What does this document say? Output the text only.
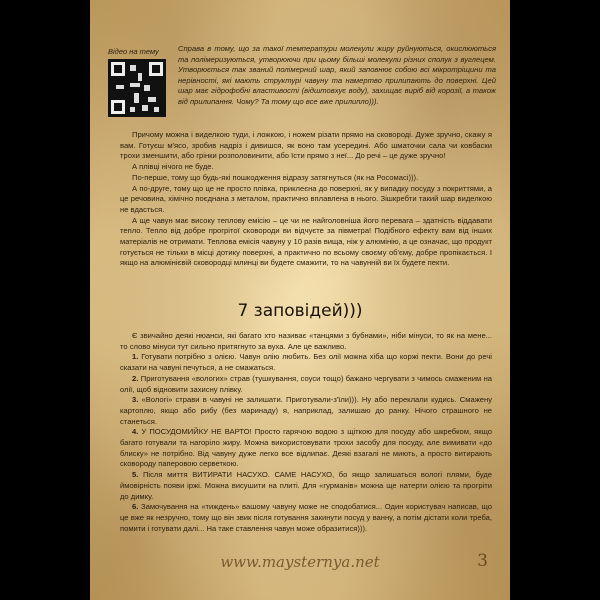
Відео на тему	Справа в тому, що за такої температури молекули жиру руйнуються, окислюються та полімеризуються, утворюючи при цьому більші молекули різних сполук з вуглецем. Утворюється так званий полімерний шар, який заповнює собою всі мікротріщини та нерівності, які мають структурі чавуну та намертво прилипають до поверхні. Цей шар має гідрофобні властивості (відштовхує воду), захищає виріб від корозії, а також від прилипання. Чому? Та тому що все вже прилипло))).

Причому можна і виделкою туди, і ложкою, і ножем різати прямо на сковороді. Дуже зручно, скажу я вам. Готуєш м'ясо, зробив надріз і дивишся, як воно там усередині. Або шматочки сала чи ковбаски трохи зменшити, або грінки розполовинити, або їсти прямо з неї... До речі – це дуже зручно!

А плівці нічого не буде.

По-перше, тому що будь-які пошкодження відразу затягнуться (як на Росомасі))).

А по-друге, тому що це не просто плівка, приклеєна до поверхні, як у випадку посуду з покриттями, а це речовина, хімічно поєднана з металом, практично вплавлена в нього. Зішкребти такий шар виделкою не вдасться.

А ще чавун має високу теплову емісію – це чи не найголовніша його перевага – здатність віддавати тепло. Тепло від добре прогрітої сковороди ви відчуєте за півметра! Подібного ефекту вам від інших матеріалів не отримати. Теплова емісія чавуну у 10 разів вища, ніж у алюмінію, а це означає, що продукт готується не тільки в місці дотику поверхні, а практично по всьому своєму об'єму, добре пропікається. І якщо на алюмінієвій сковородці млинці ви будете смажити, то на чавунній ви їх будете пекти.

7 заповідей)))

Є звичайно деякі нюанси, які багато хто називає «танцями з бубнами», ніби мінуси, то як на мене... то слово мінуси тут сильно притягнуто за вуха. Але це важливо.

1. Готувати потрібно з олією. Чавун олію любить. Без олії можна хіба що коржі пекти. Вони до речі сказати на чавуні печуться, а не смажаться.

2. Приготування «вологих» страв (тушкування, соуси тощо) бажано чергувати з чимось смаженим на олії, щоб відновити захисну плівку.

3. «Вологі» страви в чавуні не залишати. Приготували-з'їли))). Ну або переклали кудись. Смажену картоплю, якщо або рибу (без маринаду) я, наприклад, залишаю до ранку. Нічого страшного не станеться.

4. У ПОСУДОМИЙКУ НЕ ВАРТО! Просто гарячою водою з щіткою для посуду або шкребком, якщо багато готували та нагоріло жиру. Можна використовувати трохи засобу для посуду, але вимивати «до блиску» не потрібно. Від чавуну дуже легко все відлипає. Деякі взагалі не миють, а просто витирають сковороду паперовою серветкою.

5. Після миття ВИТИРАТИ НАСУХО. САМЕ НАСУХО, бо якщо залишаться вологі плями, буде ймовірність появи іржі. Можна висушити на плиті. Для «гурманів» можна ще натерти олією та прогріти до димку.

6. Замочування на «тиждень» вашому чавуну може не сподобатися... Один користувач написав, що це вже як незручно, тому що він звик після готування закинути посуд у ванну, а потім дістати коли треба, помити і готувати далі... На таке ставлення чавун може образитися))).

www.maysternya.net	3
